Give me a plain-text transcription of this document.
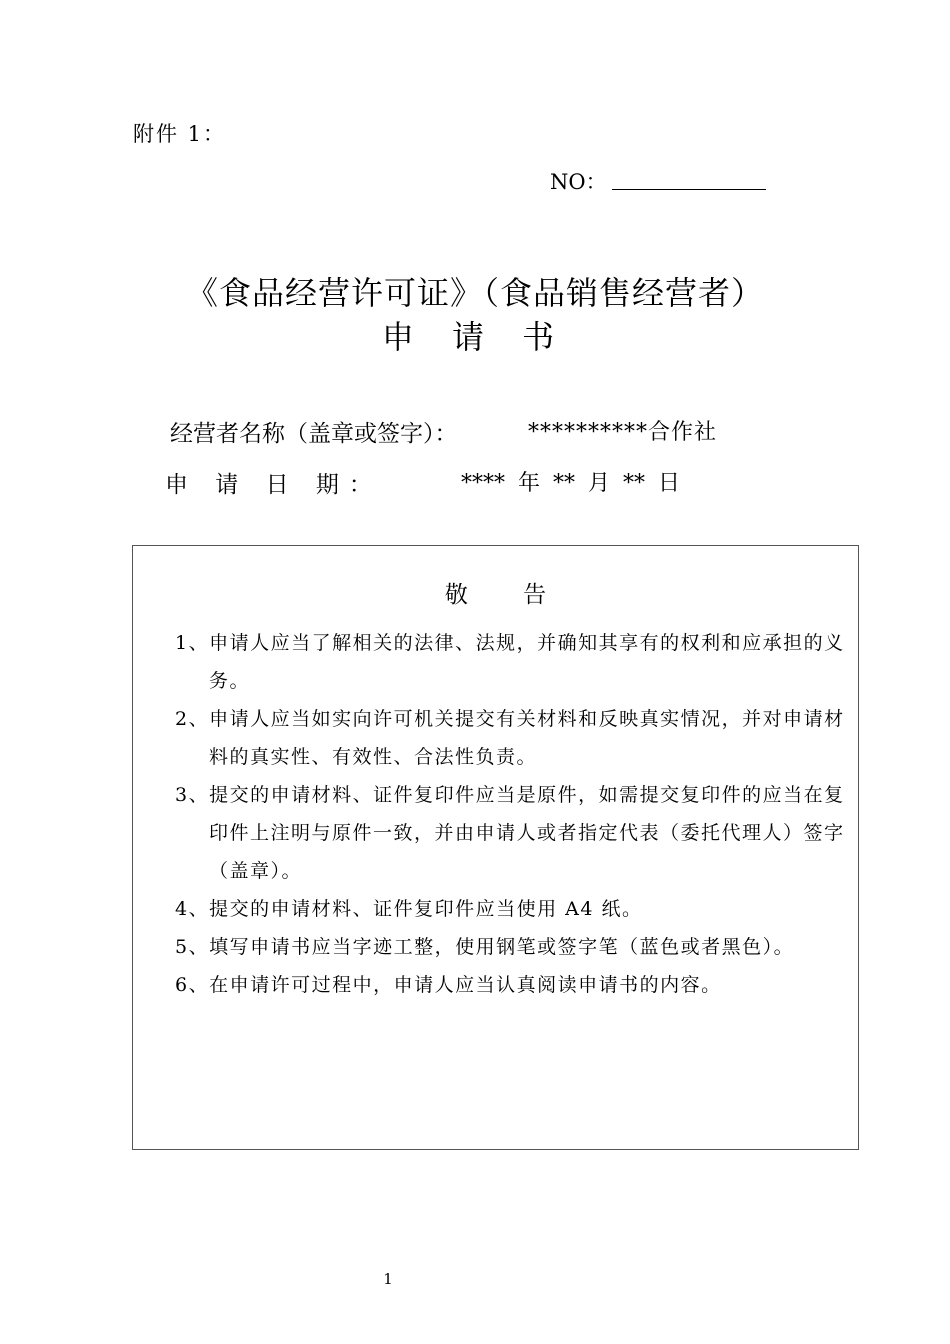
附件 1：
NO：
《食品经营许可证》（食品销售经营者）
申 请 书
经营者名称（盖章或签字）：	**********合作社
申 请 日 期：	**** 年 ** 月 ** 日
敬 告
1、申请人应当了解相关的法律、法规，并确知其享有的权利和应承担的义务。
2、申请人应当如实向许可机关提交有关材料和反映真实情况，并对申请材料的真实性、有效性、合法性负责。
3、提交的申请材料、证件复印件应当是原件，如需提交复印件的应当在复印件上注明与原件一致，并由申请人或者指定代表（委托代理人）签字（盖章）。
4、提交的申请材料、证件复印件应当使用 A4 纸。
5、填写申请书应当字迹工整，使用钢笔或签字笔（蓝色或者黑色）。
6、在申请许可过程中，申请人应当认真阅读申请书的内容。
1
